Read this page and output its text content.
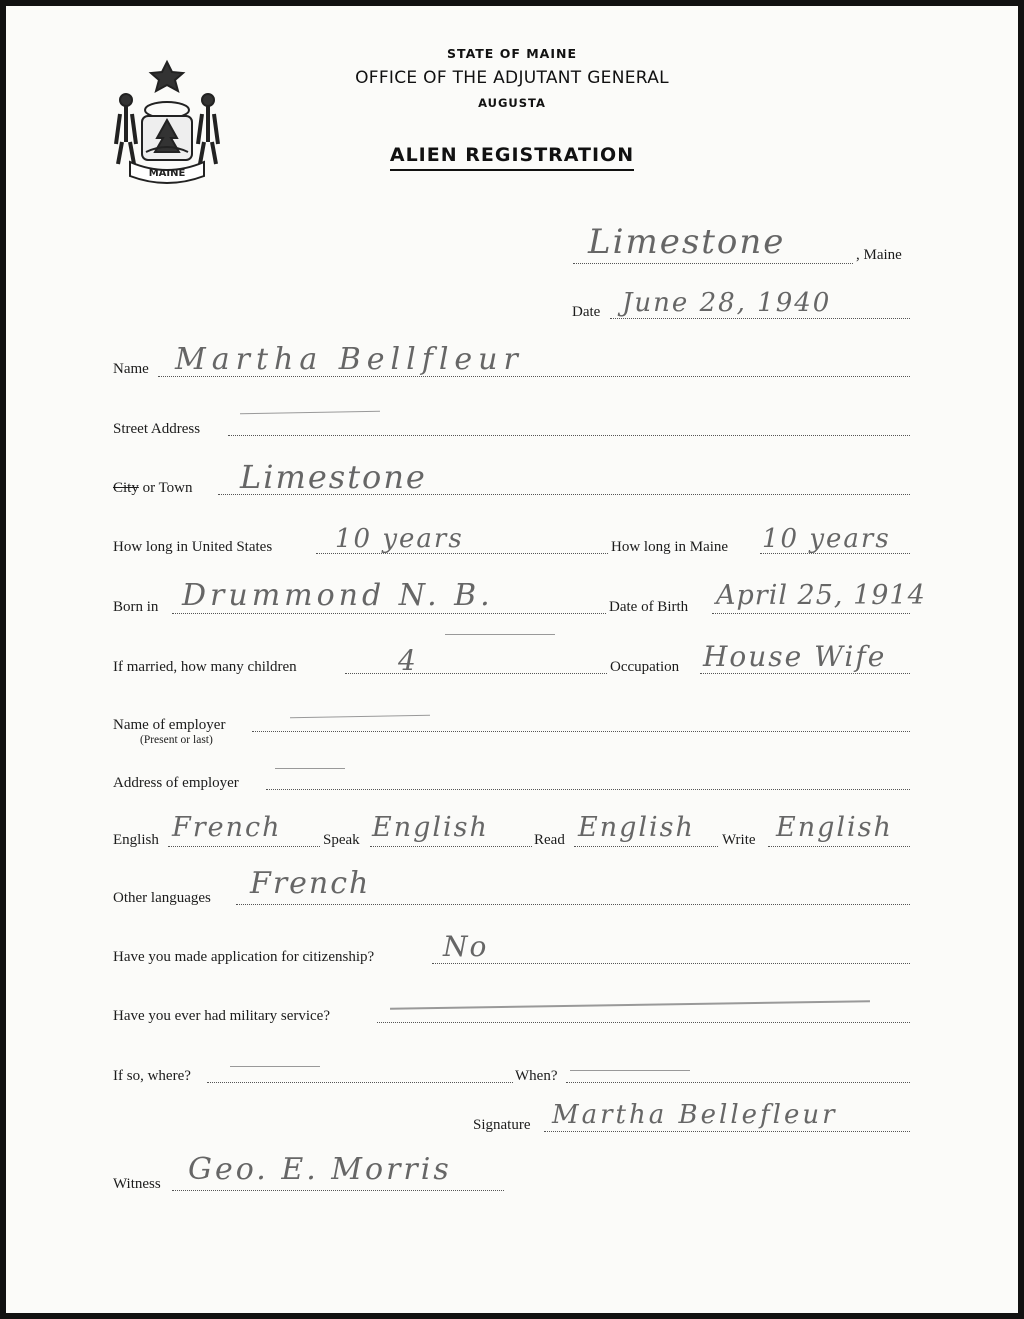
MAINE
STATE OF MAINE
OFFICE OF THE ADJUTANT GENERAL
AUGUSTA
ALIEN REGISTRATION
Limestone	, Maine
Date June 28, 1940
Name Martha Bellfleur
Street Address
City or Town Limestone
How long in United States 10 years	How long in Maine 10 years
Born in Drummond N. B.	Date of Birth April 25, 1914
If married, how many children	4	Occupation House Wife
Name of employer
(Present or last)
Address of employer
English French	Speak English	Read English Write English
Other languages French
Have you made application for citizenship? No
Have you ever had military service?
If so, where?	When?
Signature Martha Bellefleur
Witness Geo. E. Morris
